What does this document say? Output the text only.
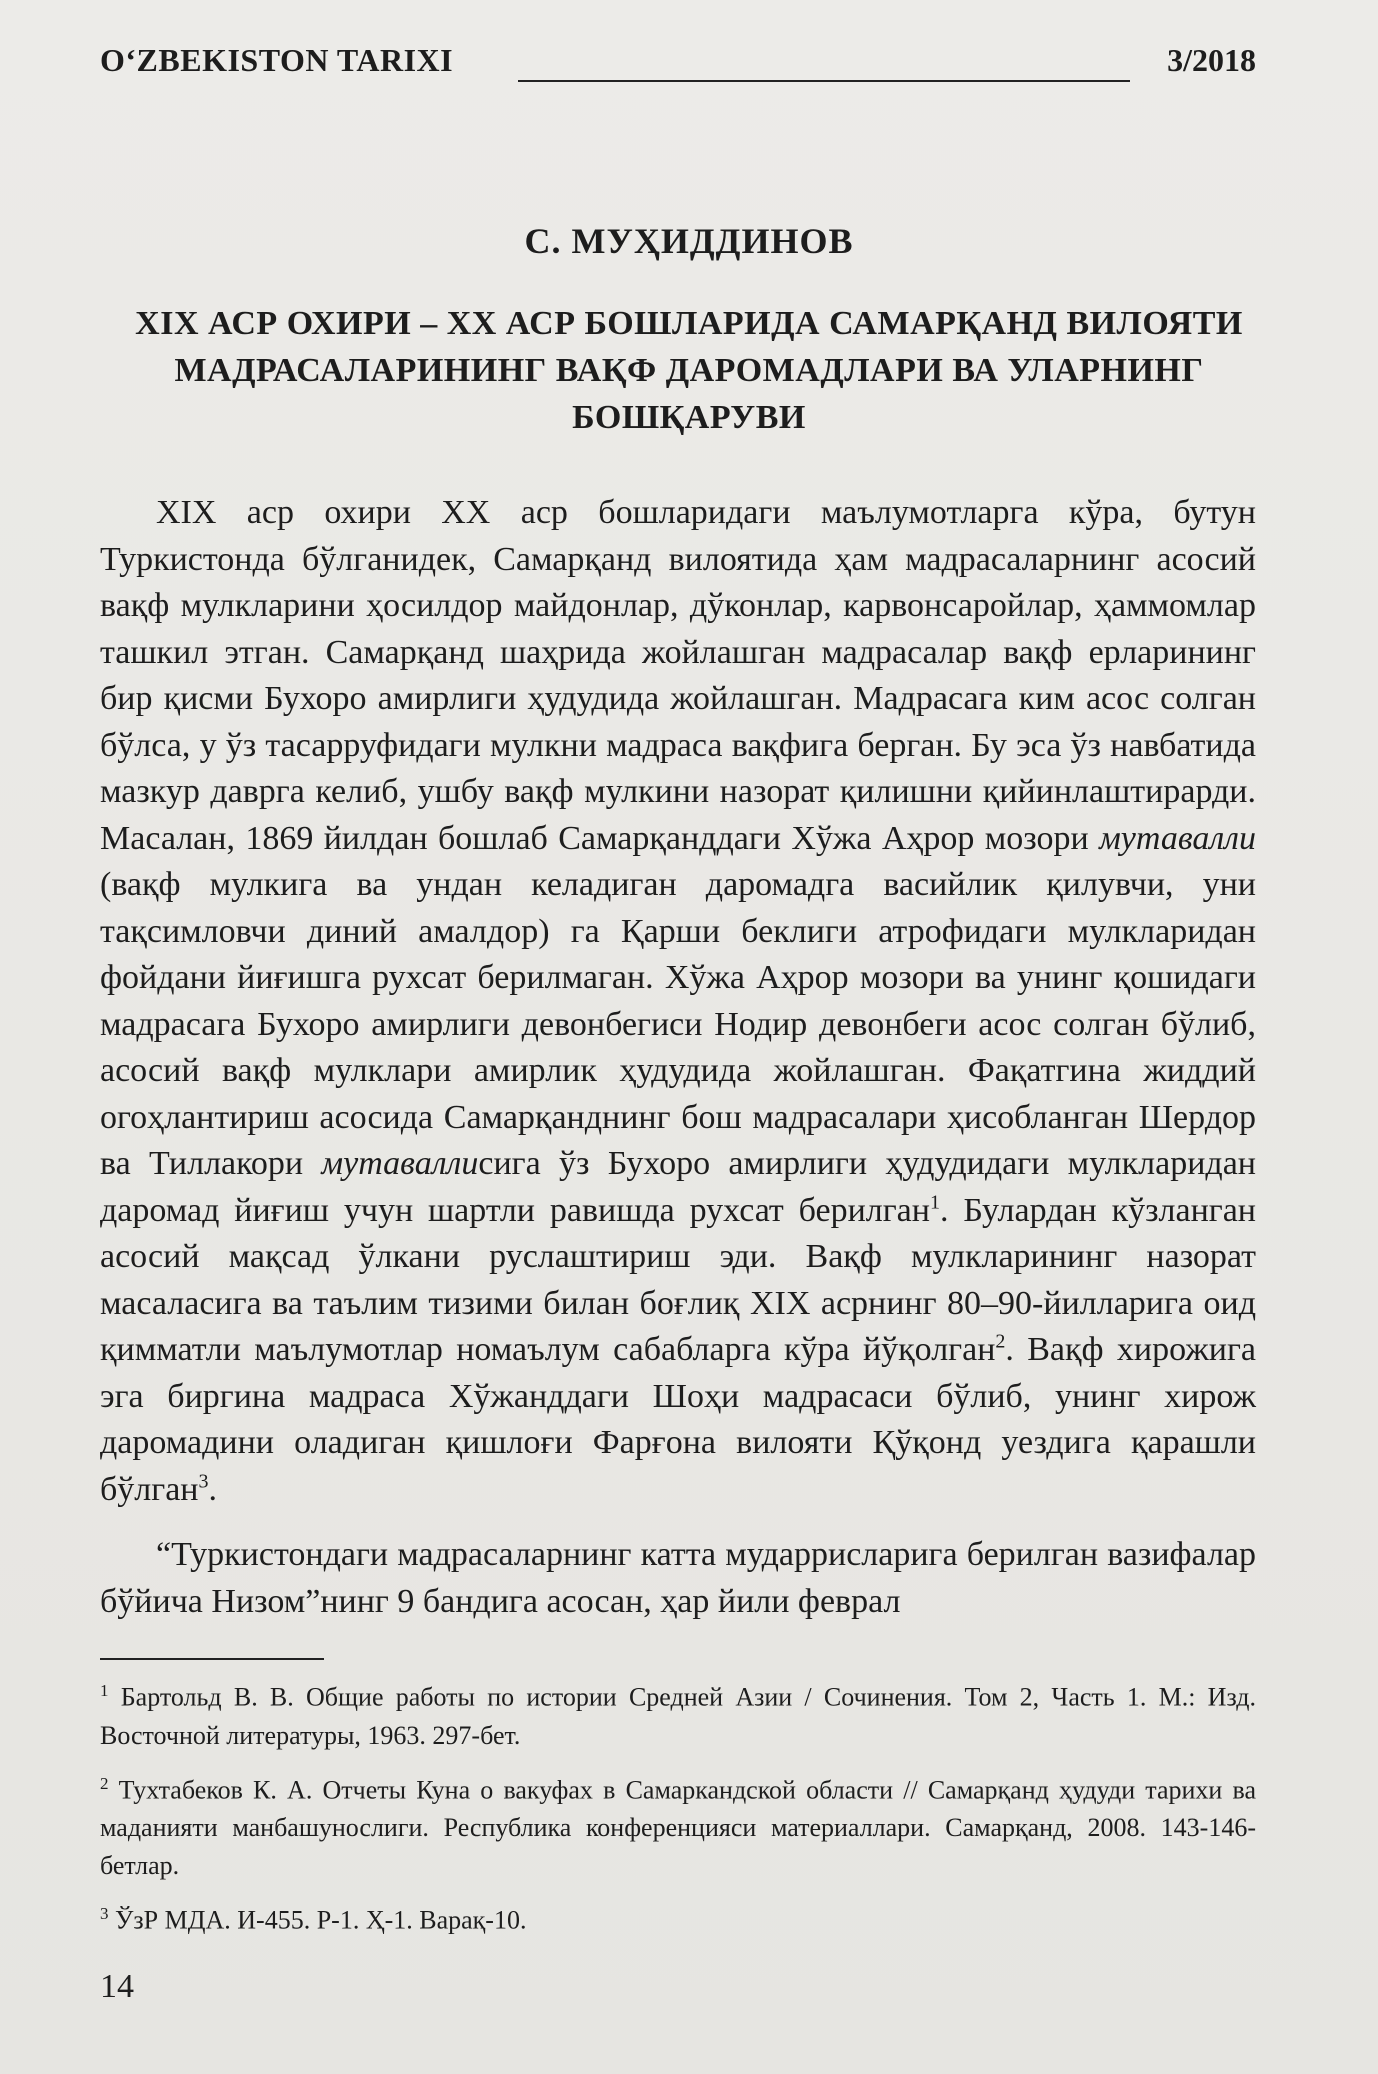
O‘ZBEKISTON TARIXI	3/2018
С. МУҲИДДИНОВ
XIX АСР ОХИРИ – XX АСР БОШЛАРИДА САМАРҚАНД ВИЛОЯТИ МАДРАСАЛАРИНИНГ ВАҚФ ДАРОМАДЛАРИ ВА УЛАРНИНГ БОШҚАРУВИ

XIX аср охири XX аср бошларидаги маълумотларга кўра, бутун Туркистонда бўлганидек, Самарқанд вилоятида ҳам мадрасаларнинг асосий вақф мулкларини ҳосилдор майдонлар, дўконлар, карвонсаройлар, ҳаммомлар ташкил этган. Самарқанд шаҳрида жойлашган мадрасалар вақф ерларининг бир қисми Бухоро амирлиги ҳудудида жойлашган. Мадрасага ким асос солган бўлса, у ўз тасарруфидаги мулкни мадраса вақфига берган. Бу эса ўз навбатида мазкур даврга келиб, ушбу вақф мулкини назорат қилишни қийинлаштирарди. Масалан, 1869 йилдан бошлаб Самарқанддаги Хўжа Аҳрор мозори мутавалли (вақф мулкига ва ундан келадиган даромадга васийлик қилувчи, уни тақсимловчи диний амалдор) га Қарши беклиги атрофидаги мулкларидан фойдани йиғишга рухсат берилмаган. Хўжа Аҳрор мозори ва унинг қошидаги мадрасага Бухоро амирлиги девонбегиси Нодир девонбеги асос солган бўлиб, асосий вақф мулклари амирлик ҳудудида жойлашган. Фақатгина жиддий огоҳлантириш асосида Самарқанднинг бош мадрасалари ҳисобланган Шердор ва Тиллакори мутаваллисига ўз Бухоро амирлиги ҳудудидаги мулкларидан даромад йиғиш учун шартли равишда рухсат берилган$^1$. Булардан кўзланган асосий мақсад ўлкани руслаштириш эди. Вақф мулкларининг назорат масаласига ва таълим тизими билан боғлиқ XIX асрнинг 80–90-йилларига оид қимматли маълумотлар номаълум сабабларга кўра йўқолган$^2$. Вақф хирожига эга биргина мадраса Хўжанддаги Шоҳи мадрасаси бўлиб, унинг хирож даромадини оладиган қишлоғи Фарғона вилояти Қўқонд уездига қарашли бўлган$^3$.

“Туркистондаги мадрасаларнинг катта мударрисларига берилган вазифалар бўйича Низом”нинг 9 бандига асосан, ҳар йили феврал

$^1$ Бартольд В. В. Общие работы по истории Средней Азии / Сочинения. Том 2, Часть 1. М.: Изд. Восточной литературы, 1963. 297-бет.

$^2$ Тухтабеков К. А. Отчеты Куна о вакуфах в Самаркандской области // Самарқанд ҳудуди тарихи ва маданияти манбашунослиги. Республика конференцияси материаллари. Самарқанд, 2008. 143-146-бетлар.

$^3$ ЎзР МДА. И-455. Р-1. Ҳ-1. Варақ-10.

14
